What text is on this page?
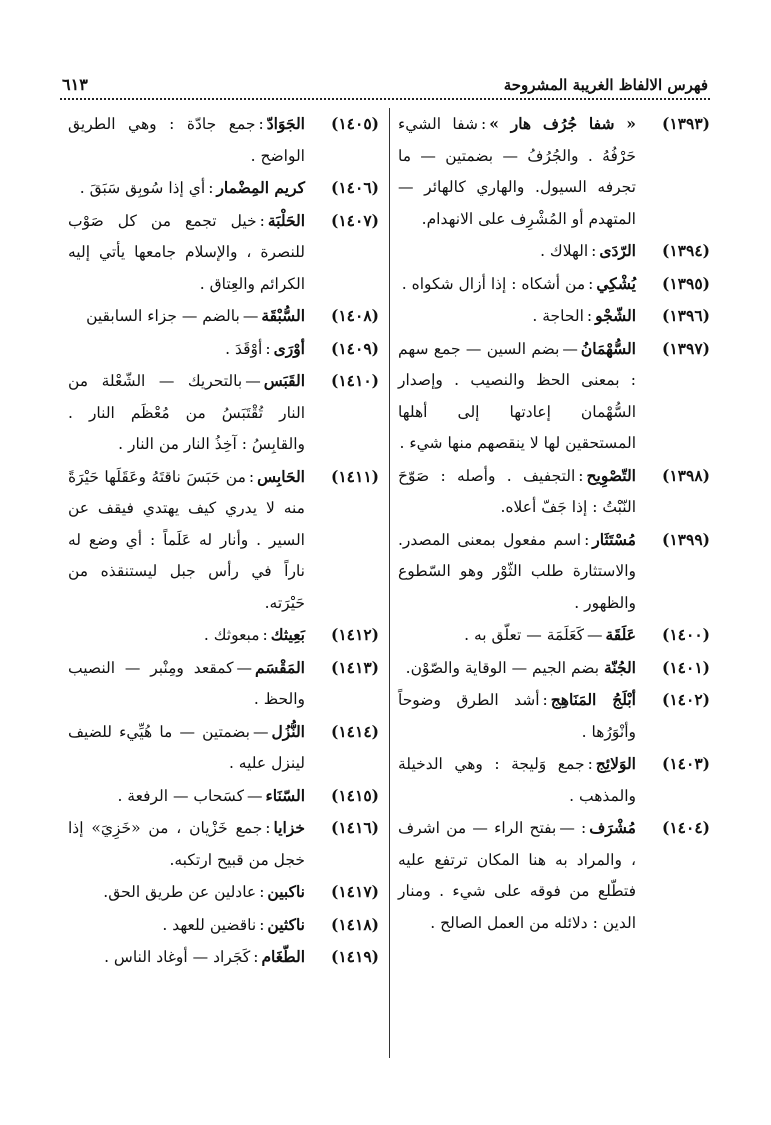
فهرس الالفاظ الغريبة المشروحة
٦١٣
(١٣٩٣)
« شفا جُرُف هار »:شفا الشيء حَرْفُهُ . والجُرُفُ — بضمتين — ما تجرفه السيول. والهاري كالهائر — المتهدم أو المُشْرِف على الانهدام.
(١٣٩٤)
الرّدَى:الهلاك .
(١٣٩٥)
يُشْكِي:من أشكاه : إذا أزال شكواه .
(١٣٩٦)
الشّجْو:الحاجة .
(١٣٩٧)
السُّهْمَانُ—بضم السين — جمع سهم : بمعنى الحظ والنصيب . وإصدار السُّهْمان إعادتها إلى أهلها المستحقين لها لا ينقصهم منها شيء .
(١٣٩٨)
التّصْوِيح:التجفيف . وأصله : صَوّحَ النّبْتُ : إذا جَفّ أعلاه.
(١٣٩٩)
مُسْتَثَار:اسم مفعول بمعنى المصدر. والاستثارة طلب الثّوْر وهو السّطوع والظهور .
(١٤٠٠)
عَلَقَة—كَعَلَمَة — تعلّق به .
(١٤٠١)
الجُنّة بضم الجيم — الوقاية والصّوْن.
(١٤٠٢)
أبْلَجُ المَنَاهِج:أشد الطرق وضوحاً وأنْوَرُها .
(١٤٠٣)
الوَلائِج:جمع وَليجة : وهي الدخيلة والمذهب .
(١٤٠٤)
مُشْرَف: —بفتح الراء — من اشرف ، والمراد به هنا المكان ترتفع عليه فتطّلع من فوقه على شيء . ومنار الدين : دلائله من العمل الصالح .
(١٤٠٥)
الجَوَادّ:جمع جادّة : وهي الطريق الواضح .
(١٤٠٦)
كريم المِضْمار:أي إذا سُوبِق سَبَقَ .
(١٤٠٧)
الحَلْبَة:خيل تجمع من كل صَوْب للنصرة ، والإسلام جامعها يأتي إليه الكرائم والعِتاق .
(١٤٠٨)
السُّبْقَة—بالضم — جزاء السابقين
(١٤٠٩)
أوْرَى:أوْقَدَ .
(١٤١٠)
القَبَس—بالتحريك — الشّعْلة من النار تُقْتَبَسُ من مُعْظَم النار . والقابِسُ : آخِذُ النار من النار .
(١٤١١)
الحَابِس:من حَبَسَ ناقتَهُ وعَقَلَها حَيْرَةً منه لا يدري كيف يهتدي فيقف عن السير . وأنار له عَلَماً : أي وضع له ناراً في رأس جبل ليستنقذه من حَيْرَته.
(١٤١٢)
بَعِيثك:مبعوثك .
(١٤١٣)
المَقْسَم—كمقعد ومِنْبر — النصيب والحظ .
(١٤١٤)
النُّزُل—بضمتين — ما هُيِّيء للضيف لينزل عليه .
(١٤١٥)
السّنَاء—كسَحاب — الرفعة .
(١٤١٦)
خزايا:جمع خَزْيان ، من «خَزِيَ» إذا خجل من قبيح ارتكبه.
(١٤١٧)
ناكبين:عادلين عن طريق الحق.
(١٤١٨)
ناكثين:ناقضين للعهد .
(١٤١٩)
الطّغَام:كَجَراد — أوغاد الناس .
